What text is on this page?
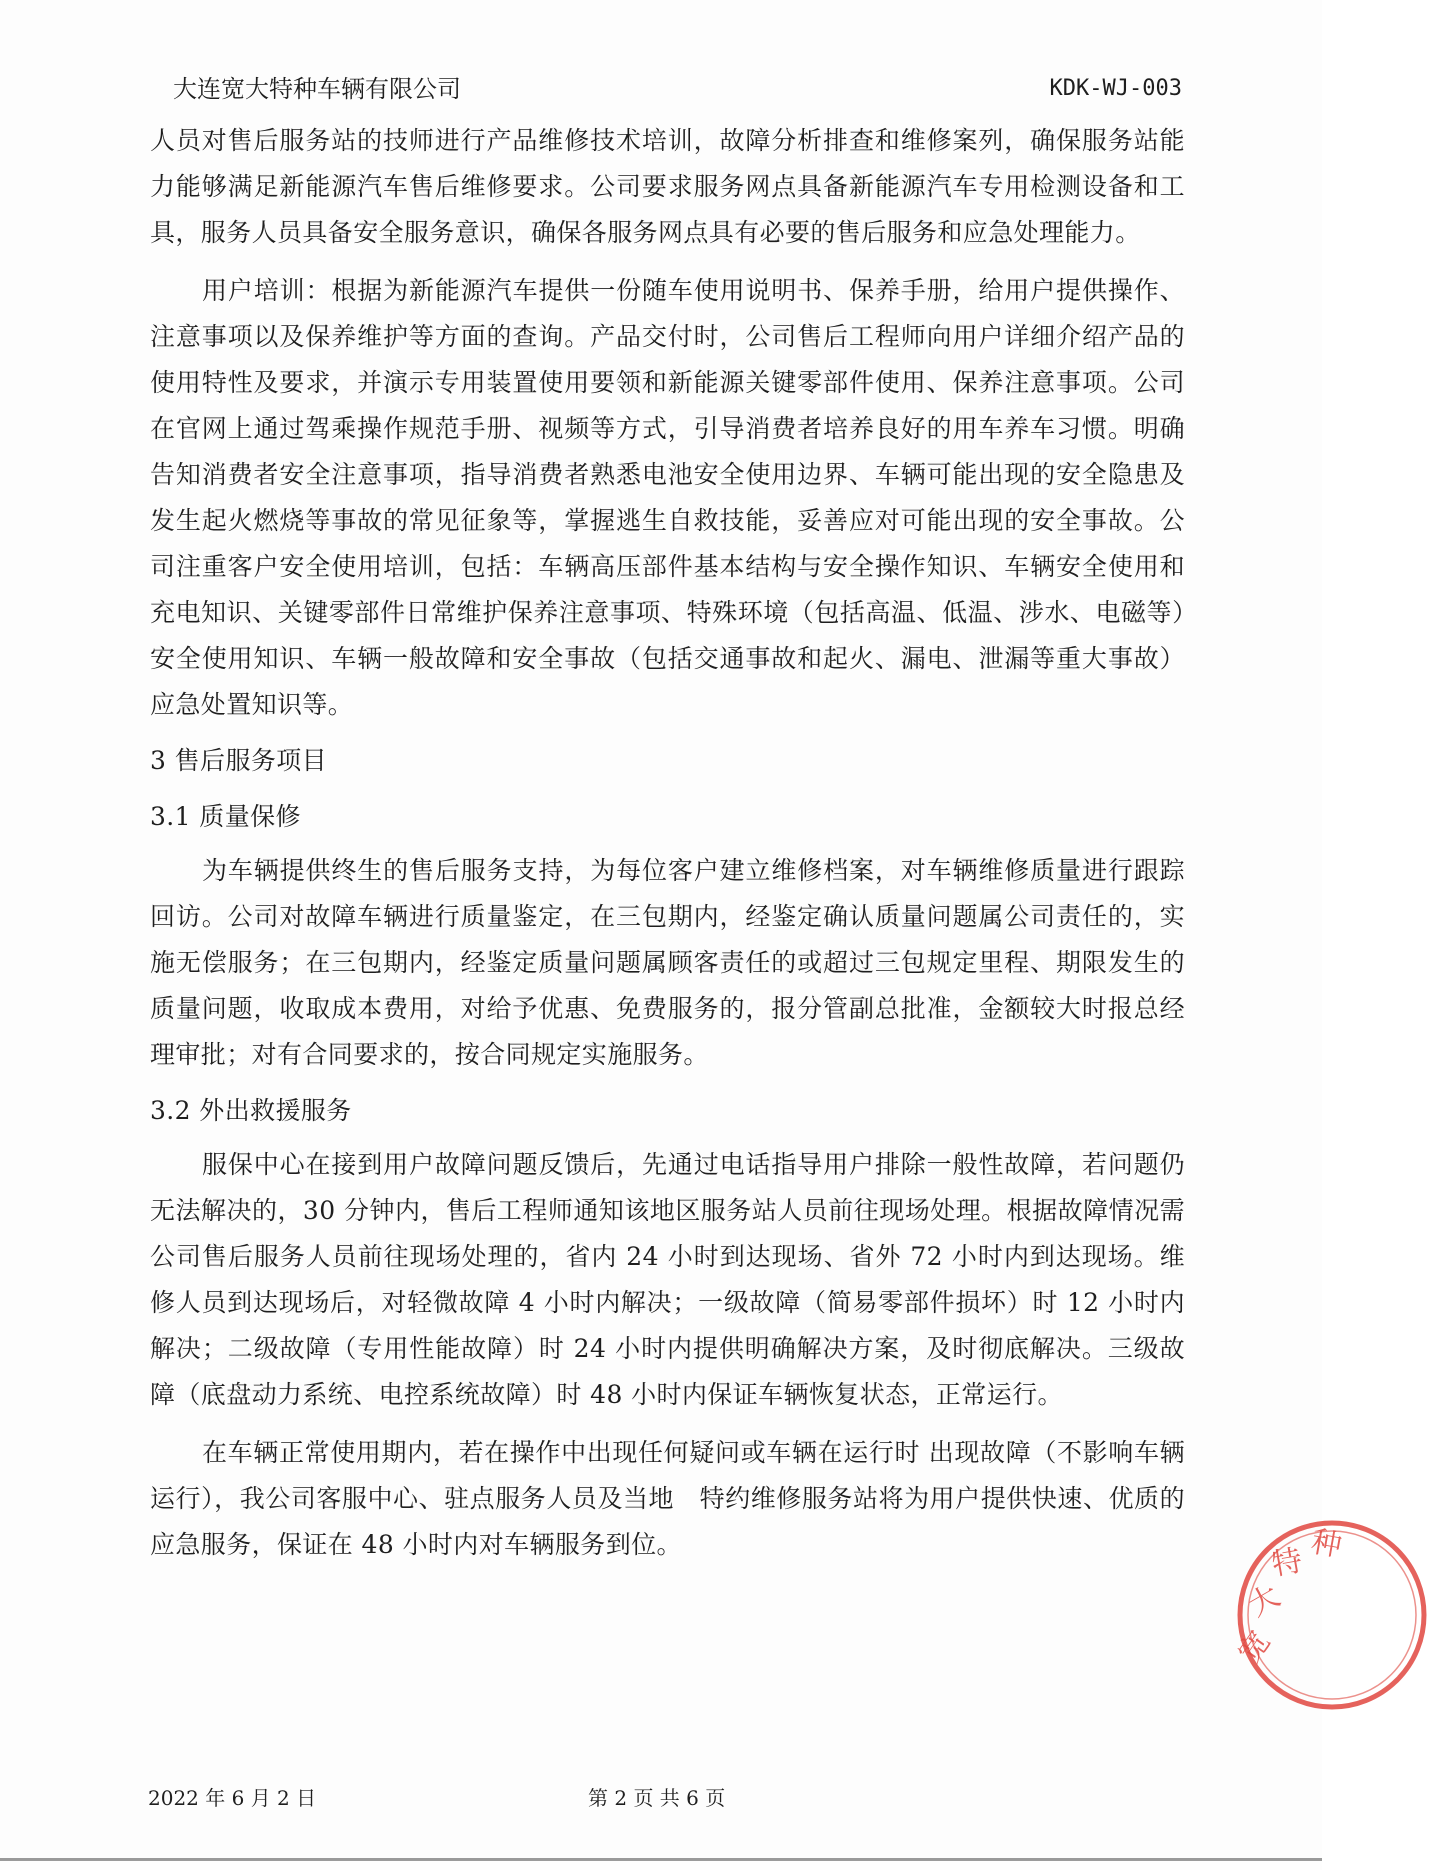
大连宽大特种车辆有限公司	KDK-WJ-003

人员对售后服务站的技师进行产品维修技术培训，故障分析排查和维修案列，确保服务站能力能够满足新能源汽车售后维修要求。公司要求服务网点具备新能源汽车专用检测设备和工具，服务人员具备安全服务意识，确保各服务网点具有必要的售后服务和应急处理能力。

用户培训：根据为新能源汽车提供一份随车使用说明书、保养手册，给用户提供操作、注意事项以及保养维护等方面的查询。产品交付时，公司售后工程师向用户详细介绍产品的使用特性及要求，并演示专用装置使用要领和新能源关键零部件使用、保养注意事项。公司在官网上通过驾乘操作规范手册、视频等方式，引导消费者培养良好的用车养车习惯。明确告知消费者安全注意事项，指导消费者熟悉电池安全使用边界、车辆可能出现的安全隐患及发生起火燃烧等事故的常见征象等，掌握逃生自救技能，妥善应对可能出现的安全事故。公司注重客户安全使用培训，包括：车辆高压部件基本结构与安全操作知识、车辆安全使用和充电知识、关键零部件日常维护保养注意事项、特殊环境（包括高温、低温、涉水、电磁等）安全使用知识、车辆一般故障和安全事故（包括交通事故和起火、漏电、泄漏等重大事故）应急处置知识等。

3 售后服务项目

3.1 质量保修

为车辆提供终生的售后服务支持，为每位客户建立维修档案，对车辆维修质量进行跟踪回访。公司对故障车辆进行质量鉴定，在三包期内，经鉴定确认质量问题属公司责任的，实施无偿服务；在三包期内，经鉴定质量问题属顾客责任的或超过三包规定里程、期限发生的质量问题，收取成本费用，对给予优惠、免费服务的，报分管副总批准，金额较大时报总经理审批；对有合同要求的，按合同规定实施服务。

3.2 外出救援服务

服保中心在接到用户故障问题反馈后，先通过电话指导用户排除一般性故障，若问题仍无法解决的，30 分钟内，售后工程师通知该地区服务站人员前往现场处理。根据故障情况需公司售后服务人员前往现场处理的，省内 24 小时到达现场、省外 72 小时内到达现场。维修人员到达现场后，对轻微故障 4 小时内解决；一级故障（简易零部件损坏）时 12 小时内解决；二级故障（专用性能故障）时 24 小时内提供明确解决方案，及时彻底解决。三级故障（底盘动力系统、电控系统故障）时 48 小时内保证车辆恢复状态，正常运行。

在车辆正常使用期内，若在操作中出现任何疑问或车辆在运行时 出现故障（不影响车辆运行），我公司客服中心、驻点服务人员及当地　特约维修服务站将为用户提供快速、优质的应急服务，保证在 48 小时内对车辆服务到位。

宽
大
特 种
2022 年 6 月 2 日	第 2 页 共 6 页
